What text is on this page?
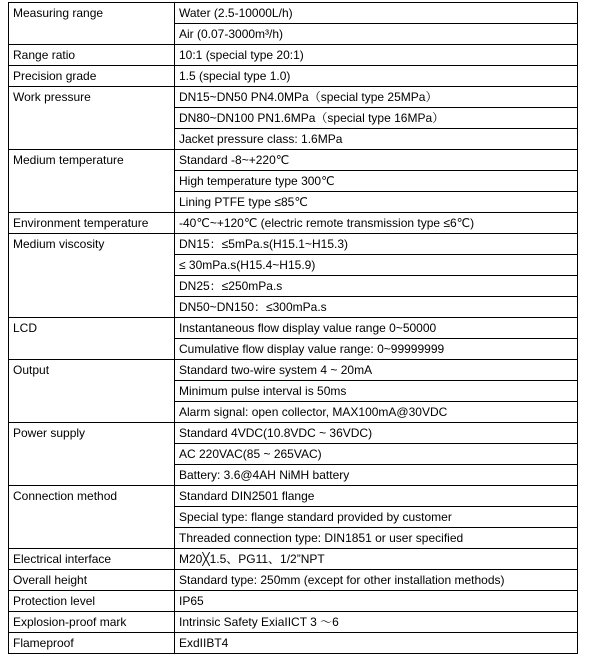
Measuring range	Water (2.5-10000L/h)
	Air (0.07-3000m³/h)
Range ratio	10:1 (special type 20:1)
Precision grade	1.5 (special type 1.0)
Work pressure	DN15~DN50 PN4.0MPa（special type 25MPa）
	DN80~DN100 PN1.6MPa（special type 16MPa）
	Jacket pressure class: 1.6MPa
Medium temperature	Standard -8~+220℃
	High temperature type 300℃
	Lining PTFE type ≤85℃
Environment temperature	-40℃~+120℃ (electric remote transmission type ≤6℃)
Medium viscosity	DN15：≤5mPa.s(H15.1~H15.3)
	≤ 30mPa.s(H15.4~H15.9)
	DN25：≤250mPa.s
	DN50~DN150：≤300mPa.s
LCD	Instantaneous flow display value range 0~50000
	Cumulative flow display value range: 0~99999999
Output	Standard two-wire system 4 ~ 20mA
	Minimum pulse interval is 50ms
	Alarm signal: open collector, MAX100mA@30VDC
Power supply	Standard 4VDC(10.8VDC ~ 36VDC)
	AC 220VAC(85 ~ 265VAC)
	Battery: 3.6@4AH NiMH battery
Connection method	Standard DIN2501 flange
	Special type: flange standard provided by customer
	Threaded connection type: DIN1851 or user specified
Electrical interface	M20╳1.5、PG11、1/2”NPT
Overall height	Standard type: 250mm (except for other installation methods)
Protection level	IP65
Explosion-proof mark	Intrinsic Safety ExiaIICT 3 ～6
Flameproof	ExdIIBT4
